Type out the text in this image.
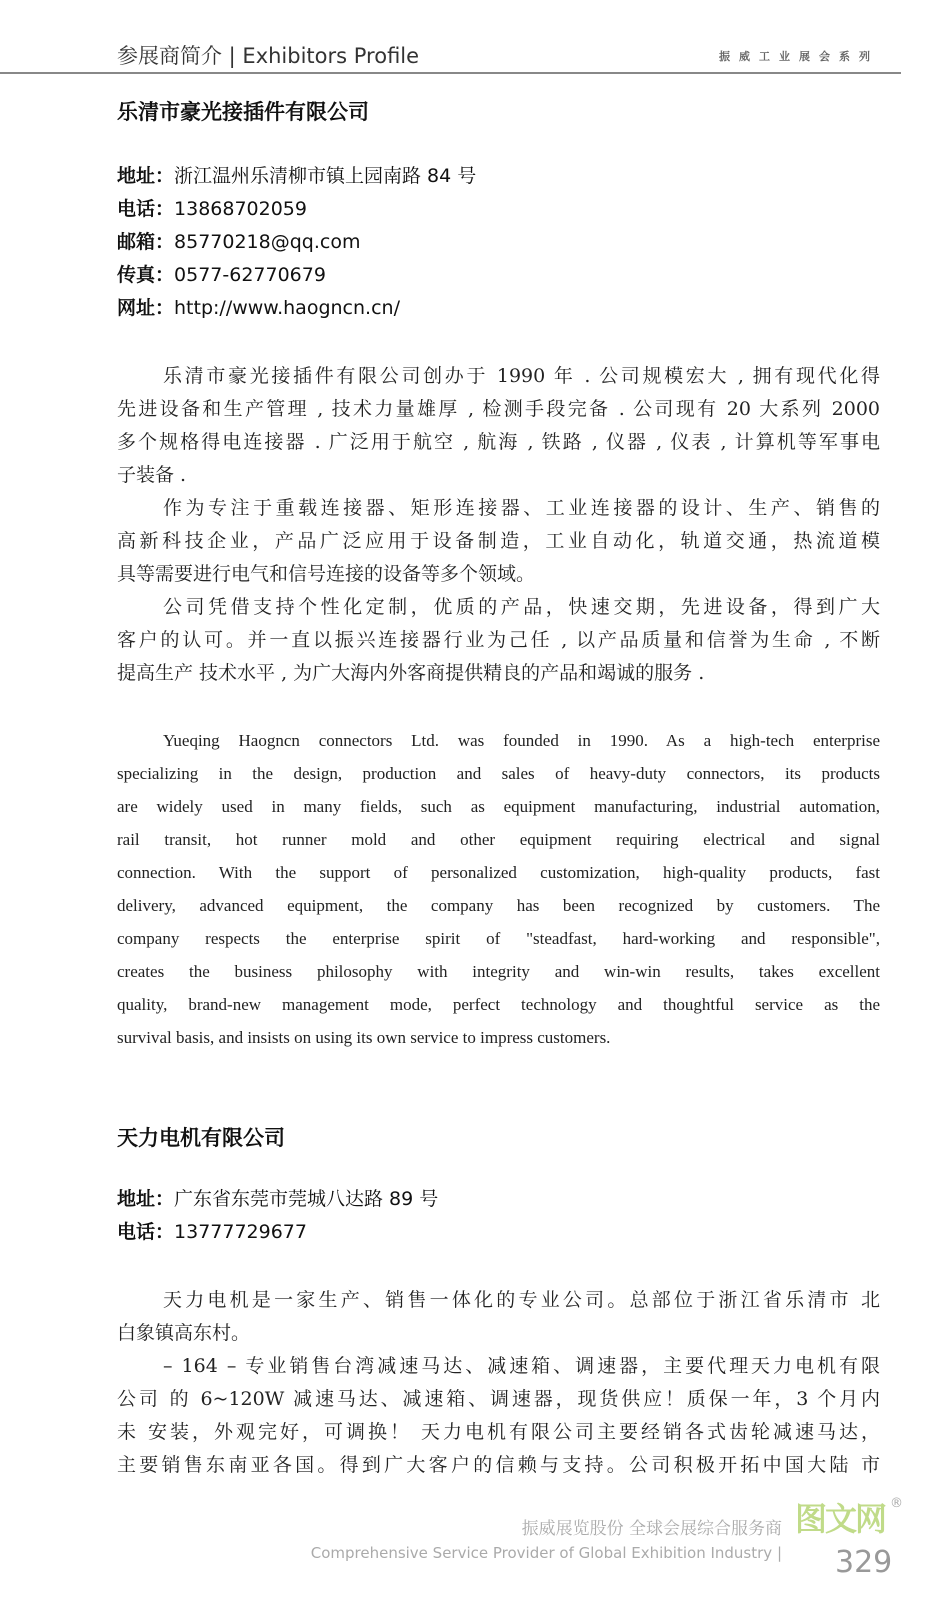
参展商简介 | Exhibitors Profile	振威工业展会系列
乐清市豪光接插件有限公司
地址：浙江温州乐清柳市镇上园南路 84 号
电话：13868702059
邮箱：85770218@qq.com
传真：0577-62770679
网址：http://www.haogncn.cn/
乐清市豪光接插件有限公司创办于 1990 年 . 公司规模宏大 , 拥有现代化得
先进设备和生产管理 , 技术力量雄厚 , 检测手段完备 . 公司现有 20 大系列 2000
多个规格得电连接器 . 广泛用于航空 , 航海 , 铁路 , 仪器 , 仪表 , 计算机等军事电
子装备 .
作为专注于重载连接器、矩形连接器、工业连接器的设计、生产、销售的
高新科技企业，产品广泛应用于设备制造，工业自动化，轨道交通，热流道模
具等需要进行电气和信号连接的设备等多个领域。
公司凭借支持个性化定制，优质的产品，快速交期，先进设备，得到广大
客户的认可。并一直以振兴连接器行业为己任 , 以产品质量和信誉为生命 , 不断
提高生产 技术水平 , 为广大海内外客商提供精良的产品和竭诚的服务 .
Yueqing Haogncn connectors Ltd. was founded in 1990. As a high-tech enterprise
specializing in the design, production and sales of heavy-duty connectors, its products
are widely used in many fields, such as equipment manufacturing, industrial automation,
rail transit, hot runner mold and other equipment requiring electrical and signal
connection. With the support of personalized customization, high-quality products, fast
delivery, advanced equipment, the company has been recognized by customers. The
company respects the enterprise spirit of "steadfast, hard-working and responsible",
creates the business philosophy with integrity and win-win results, takes excellent
quality, brand-new management mode, perfect technology and thoughtful service as the
survival basis, and insists on using its own service to impress customers.
天力电机有限公司
地址：广东省东莞市莞城八达路 89 号
电话：13777729677
天力电机是一家生产、销售一体化的专业公司。总部位于浙江省乐清市 北
白象镇高东村。
– 164 – 专业销售台湾减速马达、减速箱、调速器，主要代理天力电机有限
公司 的 6~120W 减速马达、减速箱、调速器，现货供应！质保一年，3 个月内
未 安装，外观完好，可调换！ 天力电机有限公司主要经销各式齿轮减速马达，
主要销售东南亚各国。得到广大客户的信赖与支持。公司积极开拓中国大陆 市
振威展览股份 全球会展综合服务商
Comprehensive Service Provider of Global Exhibition Industry |
图文网 ®
329
